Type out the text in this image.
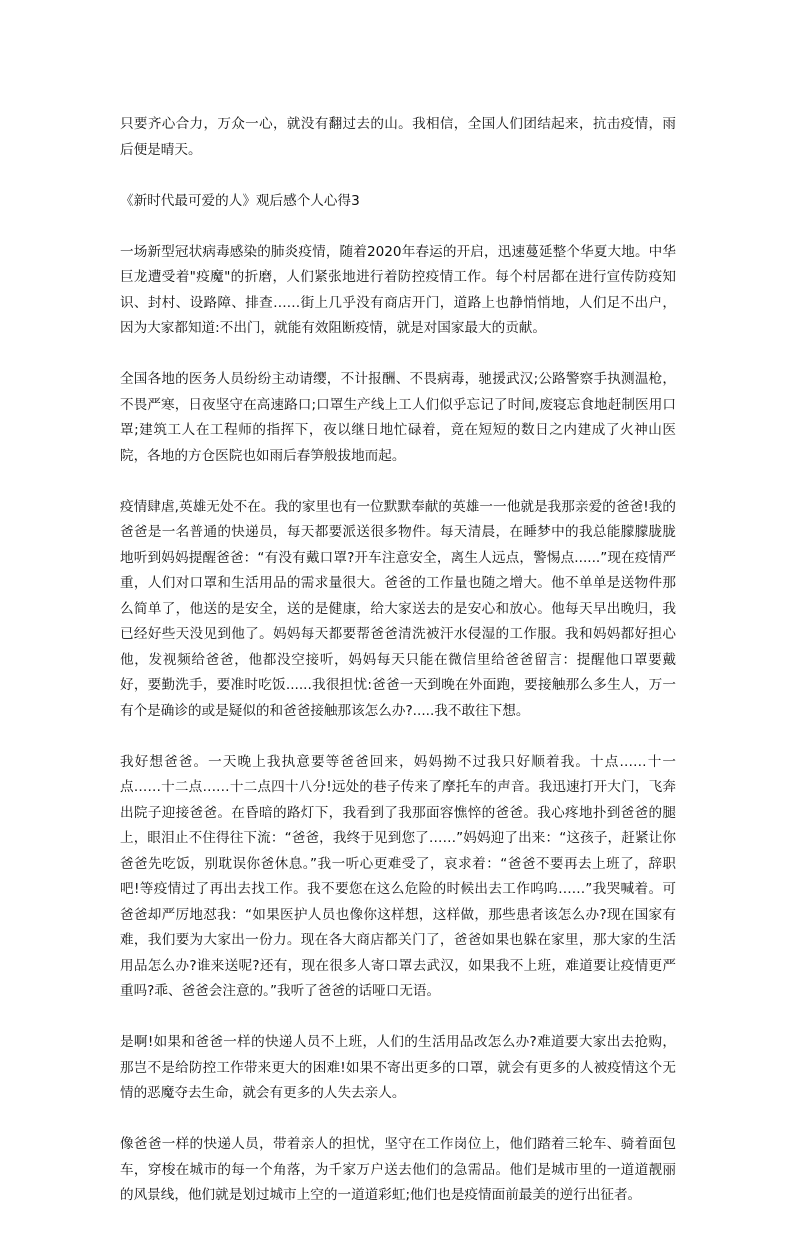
只要齐心合力，万众一心，就没有翻过去的山。我相信，全国人们团结起来，抗击疫情，雨后便是晴天。

《新时代最可爱的人》观后感个人心得3

一场新型冠状病毒感染的肺炎疫情，随着2020年春运的开启，迅速蔓延整个华夏大地。中华巨龙遭受着"疫魔"的折磨，人们紧张地进行着防控疫情工作。每个村居都在进行宣传防疫知识、封村、设路障、排查……街上几乎没有商店开门，道路上也静悄悄地，人们足不出户，因为大家都知道:不出门，就能有效阻断疫情，就是对国家最大的贡献。

全国各地的医务人员纷纷主动请缨，不计报酬、不畏病毒，驰援武汉;公路警察手执测温枪，不畏严寒，日夜坚守在高速路口;口罩生产线上工人们似乎忘记了时间,废寝忘食地赶制医用口罩;建筑工人在工程师的指挥下，夜以继日地忙碌着，竟在短短的数日之内建成了火神山医院，各地的方仓医院也如雨后春笋般拔地而起。

疫情肆虐,英雄无处不在。我的家里也有一位默默奉献的英雄一一他就是我那亲爱的爸爸!我的爸爸是一名普通的快递员，每天都要派送很多物件。每天清晨，在睡梦中的我总能朦朦胧胧地听到妈妈提醒爸爸：“有没有戴口罩?开车注意安全，离生人远点，警惕点......”现在疫情严重，人们对口罩和生活用品的需求量很大。爸爸的工作量也随之增大。他不单单是送物件那么简单了，他送的是安全，送的是健康，给大家送去的是安心和放心。他每天早出晚归，我已经好些天没见到他了。妈妈每天都要帮爸爸清洗被汗水侵湿的工作服。我和妈妈都好担心他，发视频给爸爸，他都没空接听，妈妈每天只能在微信里给爸爸留言：提醒他口罩要戴好，要勤洗手，要准时吃饭......我很担忧:爸爸一天到晚在外面跑，要接触那么多生人，万一有个是确诊的或是疑似的和爸爸接触那该怎么办?.....我不敢往下想。

我好想爸爸。一天晚上我执意要等爸爸回来，妈妈拗不过我只好顺着我。十点……十一点……十二点……十二点四十八分!远处的巷子传来了摩托车的声音。我迅速打开大门，飞奔出院子迎接爸爸。在昏暗的路灯下，我看到了我那面容憔悴的爸爸。我心疼地扑到爸爸的腿上，眼泪止不住得往下流：“爸爸，我终于见到您了……”妈妈迎了出来：“这孩子，赶紧让你爸爸先吃饭，别耽误你爸休息。”我一听心更难受了，哀求着：“爸爸不要再去上班了，辞职吧!等疫情过了再出去找工作。我不要您在这么危险的时候出去工作呜呜……”我哭喊着。可爸爸却严厉地怼我：“如果医护人员也像你这样想，这样做，那些患者该怎么办?现在国家有难，我们要为大家出一份力。现在各大商店都关门了，爸爸如果也躲在家里，那大家的生活用品怎么办?谁来送呢?还有，现在很多人寄口罩去武汉，如果我不上班，难道要让疫情更严重吗?乖、爸爸会注意的。”我听了爸爸的话哑口无语。

是啊!如果和爸爸一样的快递人员不上班，人们的生活用品改怎么办?难道要大家出去抢购，那岂不是给防控工作带来更大的困难!如果不寄出更多的口罩，就会有更多的人被疫情这个无情的恶魔夺去生命，就会有更多的人失去亲人。

像爸爸一样的快递人员，带着亲人的担忧，坚守在工作岗位上，他们踏着三轮车、骑着面包车，穿梭在城市的每一个角落，为千家万户送去他们的急需品。他们是城市里的一道道靓丽的风景线，他们就是划过城市上空的一道道彩虹;他们也是疫情面前最美的逆行出征者。
